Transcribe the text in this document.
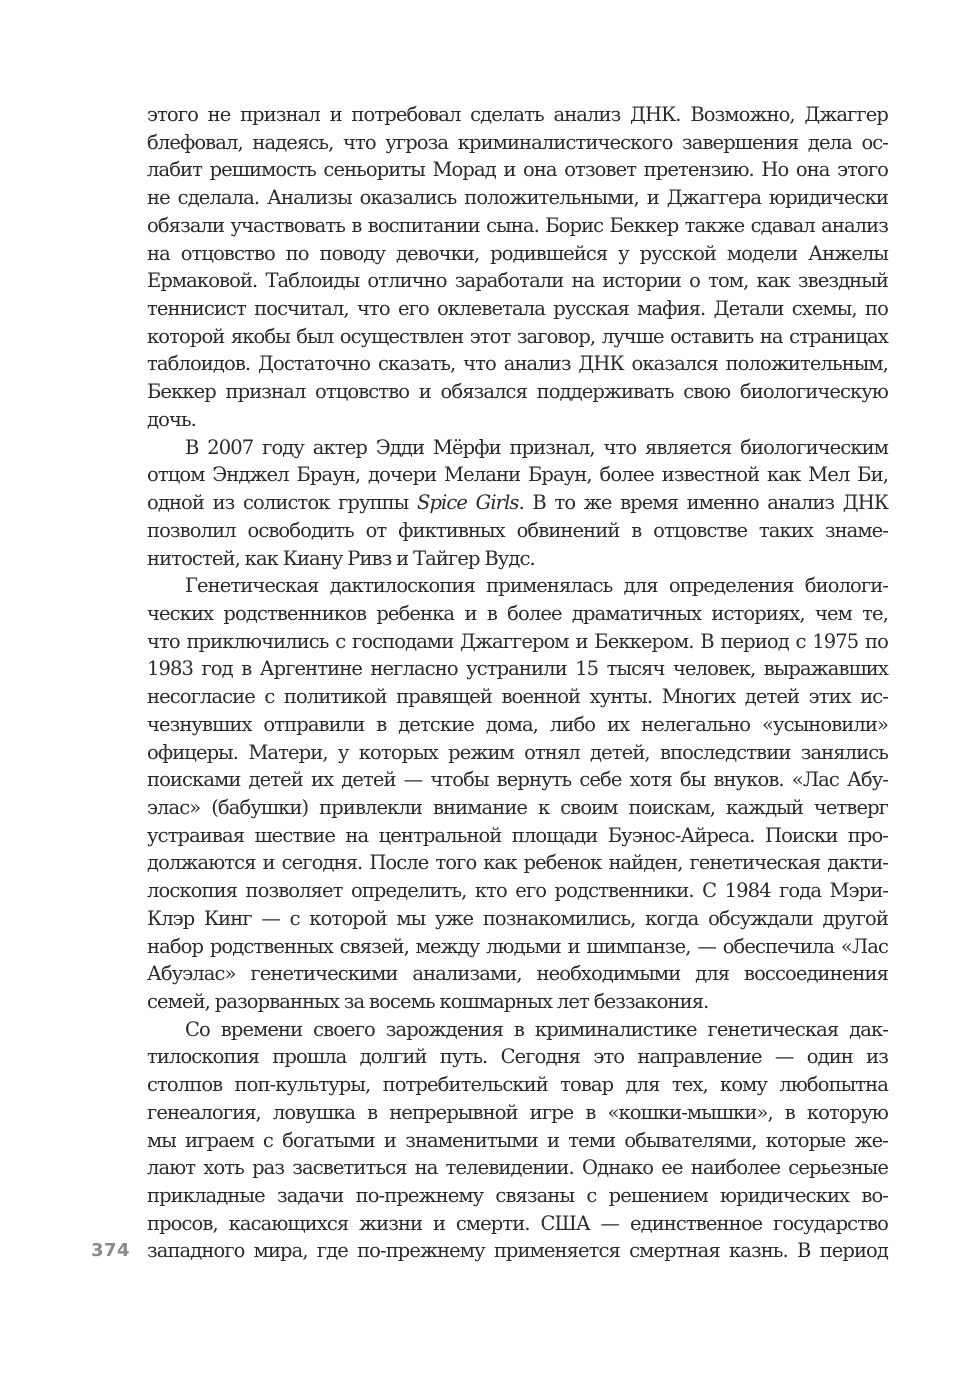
этого не признал и потребовал сделать анализ ДНК. Возможно, Джаггер
блефовал, надеясь, что угроза криминалистического завершения дела ос-
лабит решимость сеньориты Морад и она отзовет претензию. Но она этого
не сделала. Анализы оказались положительными, и Джаггера юридически
обязали участвовать в воспитании сына. Борис Беккер также сдавал анализ
на отцовство по поводу девочки, родившейся у русской модели Анжелы
Ермаковой. Таблоиды отлично заработали на истории о том, как звездный
теннисист посчитал, что его оклеветала русская мафия. Детали схемы, по
которой якобы был осуществлен этот заговор, лучше оставить на страницах
таблоидов. Достаточно сказать, что анализ ДНК оказался положительным,
Беккер признал отцовство и обязался поддерживать свою биологическую
дочь.
В 2007 году актер Эдди Мёрфи признал, что является биологическим
отцом Энджел Браун, дочери Мелани Браун, более известной как Мел Би,
одной из солисток группы Spice Girls. В то же время именно анализ ДНК
позволил освободить от фиктивных обвинений в отцовстве таких знаме-
нитостей, как Киану Ривз и Тайгер Вудс.
Генетическая дактилоскопия применялась для определения биологи-
ческих родственников ребенка и в более драматичных историях, чем те,
что приключились с господами Джаггером и Беккером. В период с 1975 по
1983 год в Аргентине негласно устранили 15 тысяч человек, выражавших
несогласие с политикой правящей военной хунты. Многих детей этих ис-
чезнувших отправили в детские дома, либо их нелегально «усыновили»
офицеры. Матери, у которых режим отнял детей, впоследствии занялись
поисками детей их детей — чтобы вернуть себе хотя бы внуков. «Лас Абу-
элас» (бабушки) привлекли внимание к своим поискам, каждый четверг
устраивая шествие на центральной площади Буэнос-Айреса. Поиски про-
должаются и сегодня. После того как ребенок найден, генетическая дакти-
лоскопия позволяет определить, кто его родственники. С 1984 года Мэри-
Клэр Кинг — с которой мы уже познакомились, когда обсуждали другой
набор родственных связей, между людьми и шимпанзе, — обеспечила «Лас
Абуэлас» генетическими анализами, необходимыми для воссоединения
семей, разорванных за восемь кошмарных лет беззакония.
Со времени своего зарождения в криминалистике генетическая дак-
тилоскопия прошла долгий путь. Сегодня это направление — один из
столпов поп-культуры, потребительский товар для тех, кому любопытна
генеалогия, ловушка в непрерывной игре в «кошки-мышки», в которую
мы играем с богатыми и знаменитыми и теми обывателями, которые же-
лают хоть раз засветиться на телевидении. Однако ее наиболее серьезные
прикладные задачи по-прежнему связаны с решением юридических во-
просов, касающихся жизни и смерти. США — единственное государство
западного мира, где по-прежнему применяется смертная казнь. В период
374
